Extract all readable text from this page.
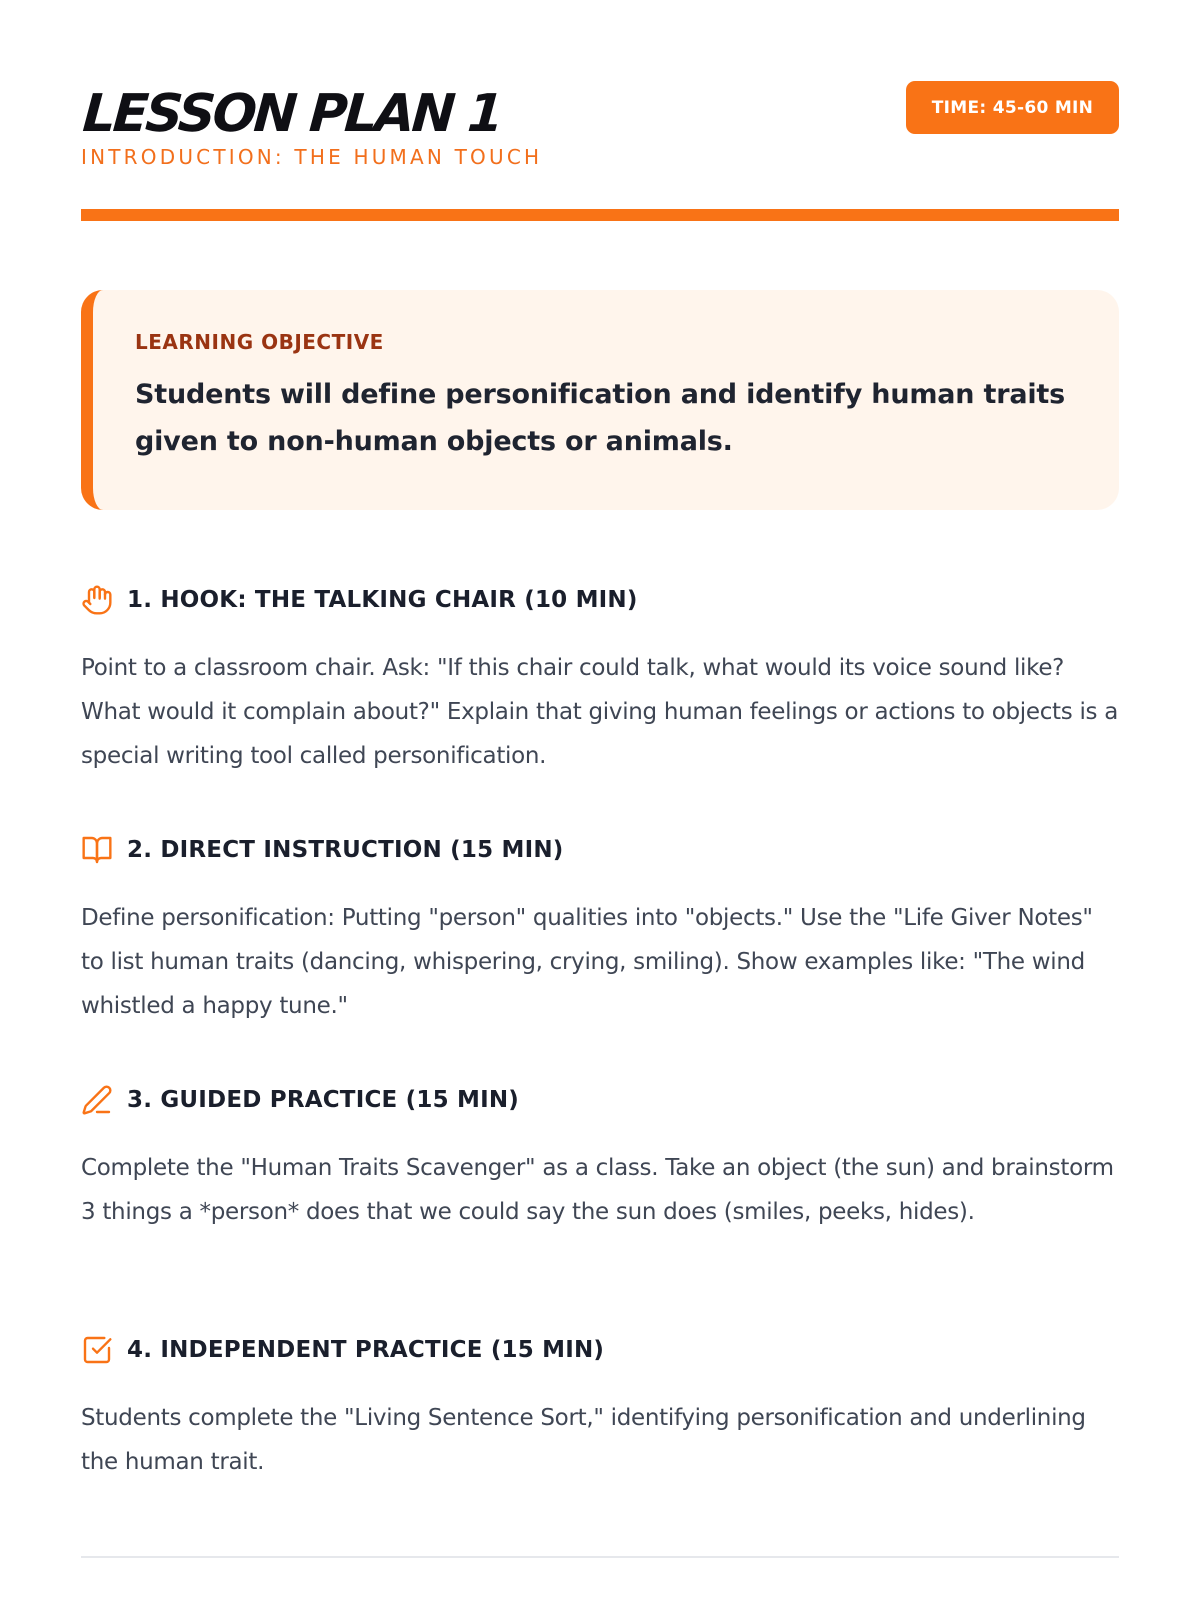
LESSON PLAN 1
INTRODUCTION: THE HUMAN TOUCH
TIME: 45-60 MIN
LEARNING OBJECTIVE
Students will define personification and identify human traits given to non-human objects or animals.
1. HOOK: THE TALKING CHAIR (10 MIN)
Point to a classroom chair. Ask: "If this chair could talk, what would its voice sound like? What would it complain about?" Explain that giving human feelings or actions to objects is a special writing tool called personification.
2. DIRECT INSTRUCTION (15 MIN)
Define personification: Putting "person" qualities into "objects." Use the "Life Giver Notes" to list human traits (dancing, whispering, crying, smiling). Show examples like: "The wind whistled a happy tune."
3. GUIDED PRACTICE (15 MIN)
Complete the "Human Traits Scavenger" as a class. Take an object (the sun) and brainstorm 3 things a *person* does that we could say the sun does (smiles, peeks, hides).
4. INDEPENDENT PRACTICE (15 MIN)
Students complete the "Living Sentence Sort," identifying personification and underlining the human trait.
